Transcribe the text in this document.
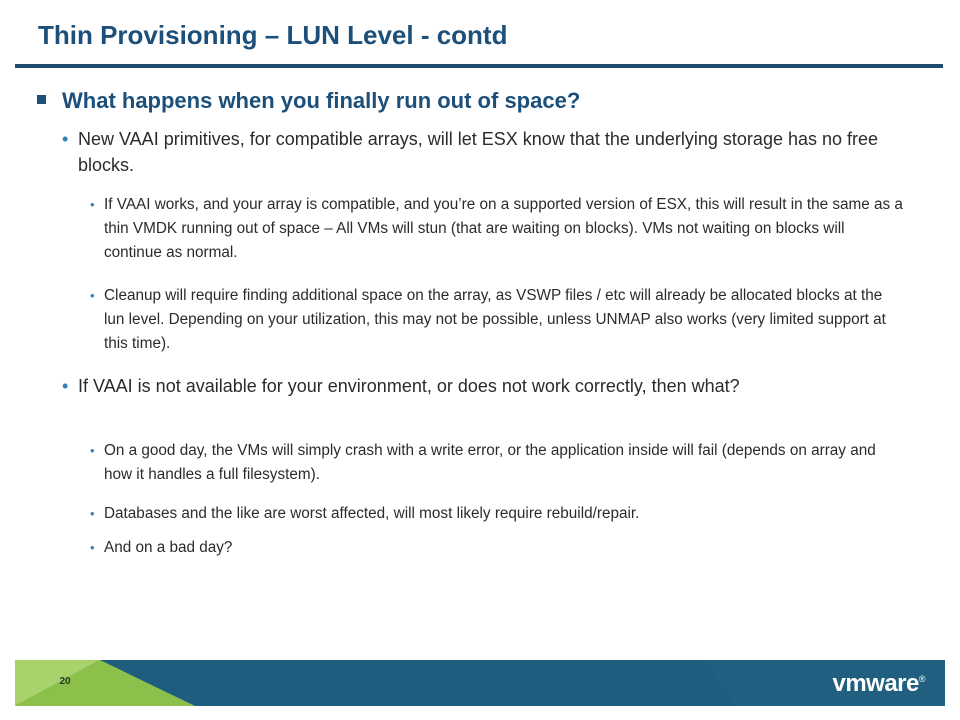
Thin Provisioning – LUN Level - contd
What happens when you finally run out of space?
• New VAAI primitives, for compatible arrays, will let ESX know that the underlying storage has no free blocks.
• If VAAI works, and your array is compatible, and you’re on a supported version of ESX, this will result in the same as a thin VMDK running out of space – All VMs will stun (that are waiting on blocks). VMs not waiting on blocks will continue as normal.
• Cleanup will require finding additional space on the array, as VSWP files / etc will already be allocated blocks at the lun level. Depending on your utilization, this may not be possible, unless UNMAP also works (very limited support at this time).
• If VAAI is not available for your environment, or does not work correctly, then what?
• On a good day, the VMs will simply crash with a write error, or the application inside will fail (depends on array and how it handles a full filesystem).
• Databases and the like are worst affected, will most likely require rebuild/repair.
• And on a bad day?
20	vmware®
